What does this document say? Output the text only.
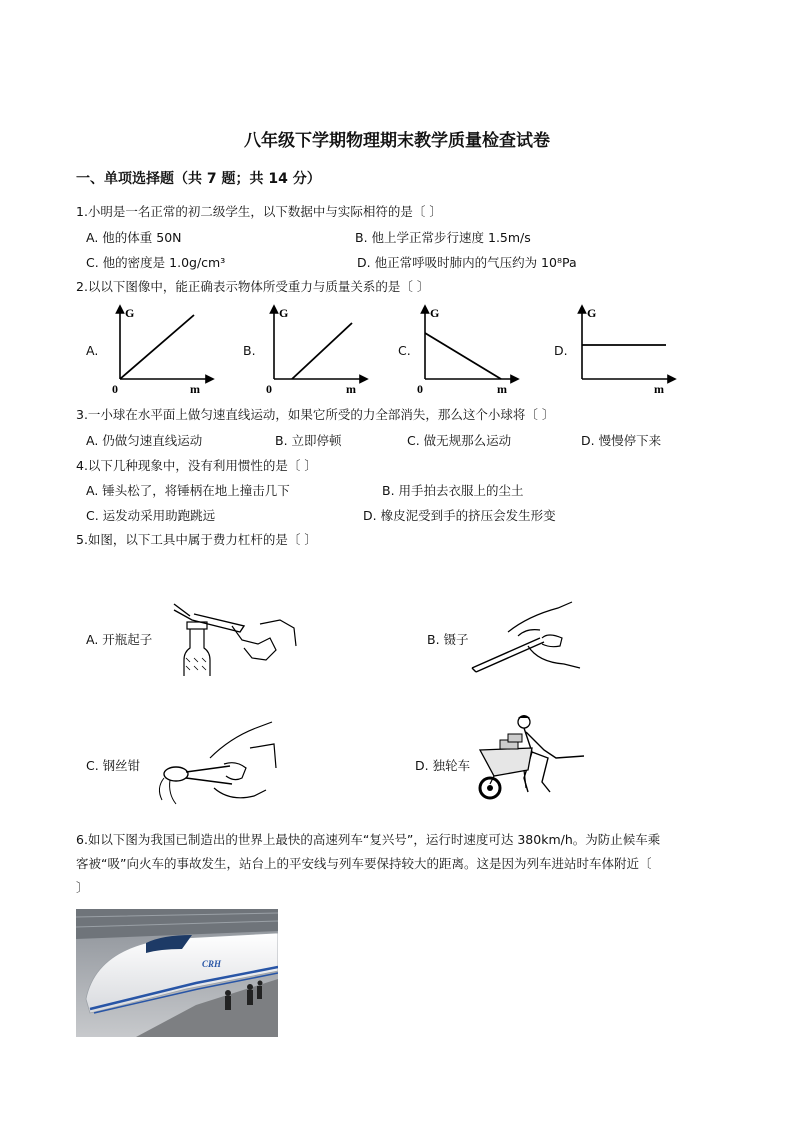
八年级下学期物理期末教学质量检查试卷
一、单项选择题（共 7 题；共 14 分）
1.小明是一名正常的初二级学生，以下数据中与实际相符的是〔 〕
A. 他的体重 50N	B. 他上学正常步行速度 1.5m/s
C. 他的密度是 1.0g/cm³	D. 他正常呼吸时肺内的气压约为 10⁸Pa
2.以以下图像中，能正确表示物体所受重力与质量关系的是〔 〕
A.
G
m
0
B.
G
m
0
C.
G
m
0
D.
G
m
3.一小球在水平面上做匀速直线运动，如果它所受的力全部消失，那么这个小球将〔 〕
A. 仍做匀速直线运动	B. 立即停顿	C. 做无规那么运动	D. 慢慢停下来
4.以下几种现象中，没有利用惯性的是〔 〕
A. 锤头松了，将锤柄在地上撞击几下	B. 用手拍去衣服上的尘土
C. 运发动采用助跑跳远	D. 橡皮泥受到手的挤压会发生形变
5.如图，以下工具中属于费力杠杆的是〔 〕
A. 开瓶起子	B. 镊子
C. 钢丝钳	D. 独轮车
6.如以下图为我国已制造出的世界上最快的高速列车“复兴号”，运行时速度可达 380km/h。为防止候车乘
客被“吸”向火车的事故发生，站台上的平安线与列车要保持较大的距离。这是因为列车进站时车体附近〔
〕
CRH
